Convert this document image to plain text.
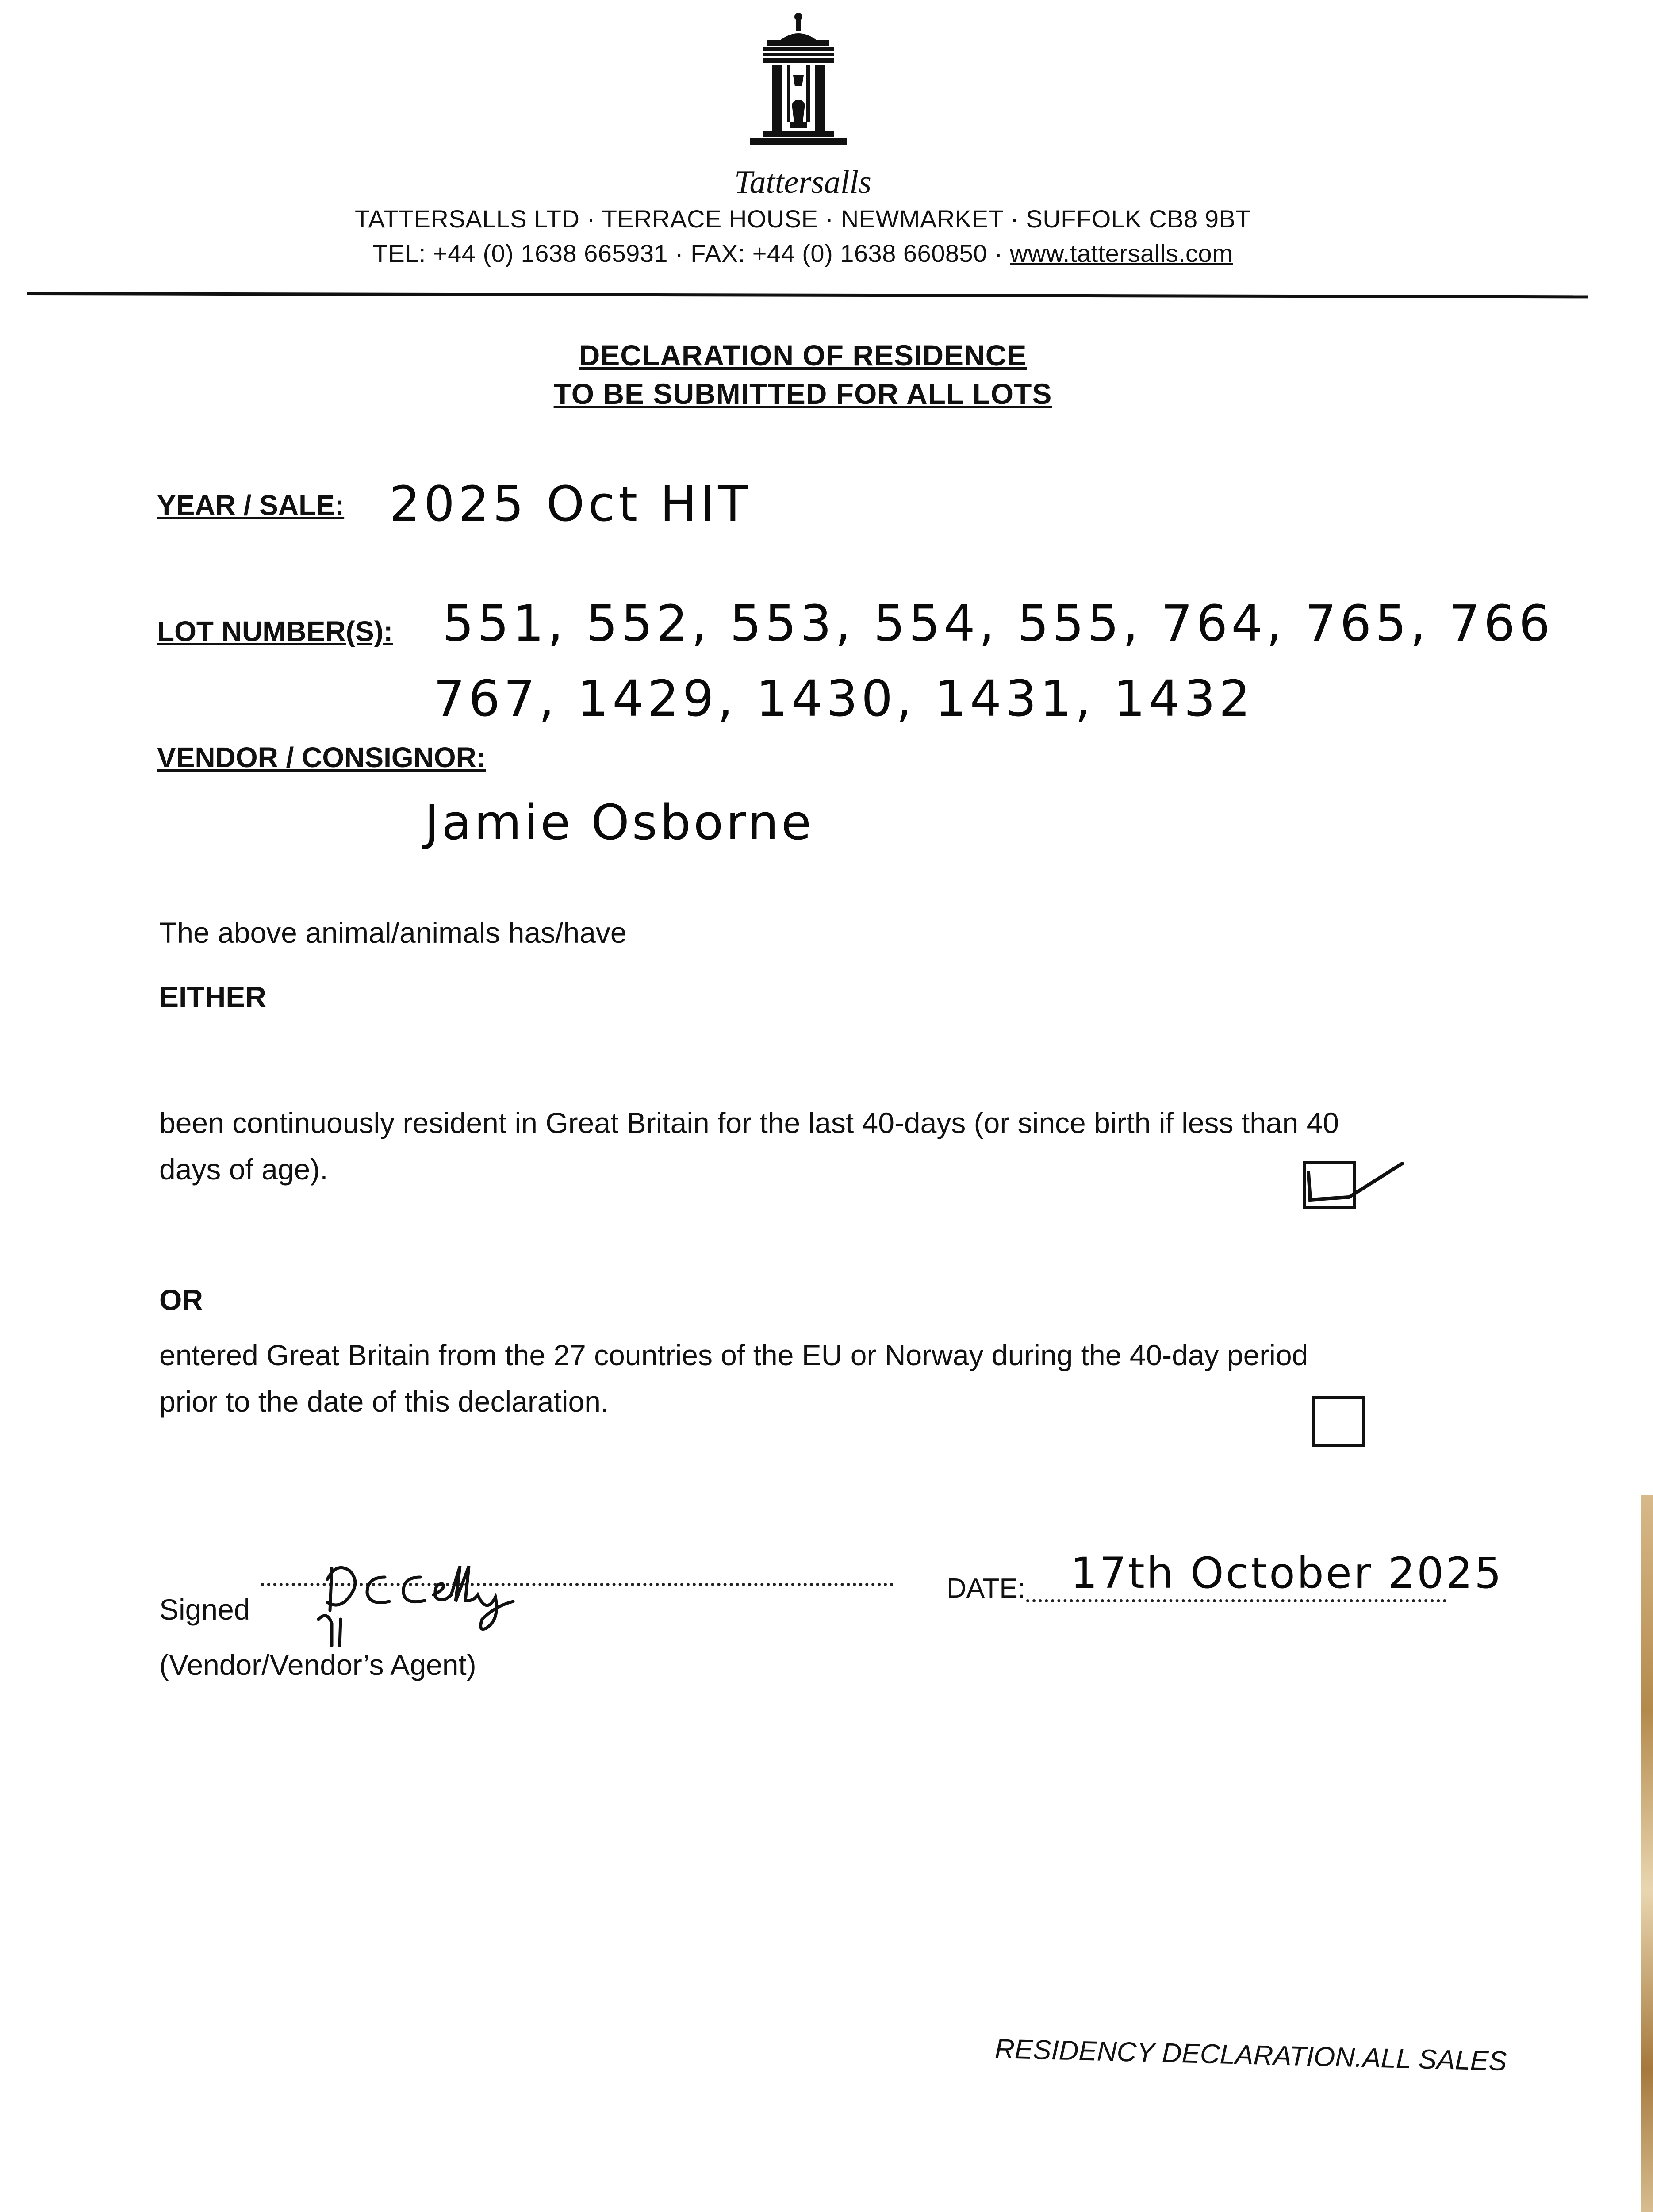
Tattersalls
TATTERSALLS LTD · TERRACE HOUSE · NEWMARKET · SUFFOLK CB8 9BT
TEL: +44 (0) 1638 665931 · FAX: +44 (0) 1638 660850 · www.tattersalls.com
DECLARATION OF RESIDENCE
TO BE SUBMITTED FOR ALL LOTS
YEAR / SALE: 2025 Oct HIT
LOT NUMBER(S): 551, 552, 553, 554, 555, 764, 765, 766
767, 1429, 1430, 1431, 1432
VENDOR / CONSIGNOR:
Jamie Osborne
The above animal/animals has/have
EITHER
been continuously resident in Great Britain for the last 40-days (or since birth if less than 40
days of age).
OR
entered Great Britain from the 27 countries of the EU or Norway during the 40-day period
prior to the date of this declaration.
Signed
(Vendor/Vendor’s Agent)
DATE: 17th October 2025
RESIDENCY DECLARATION.ALL SALES
